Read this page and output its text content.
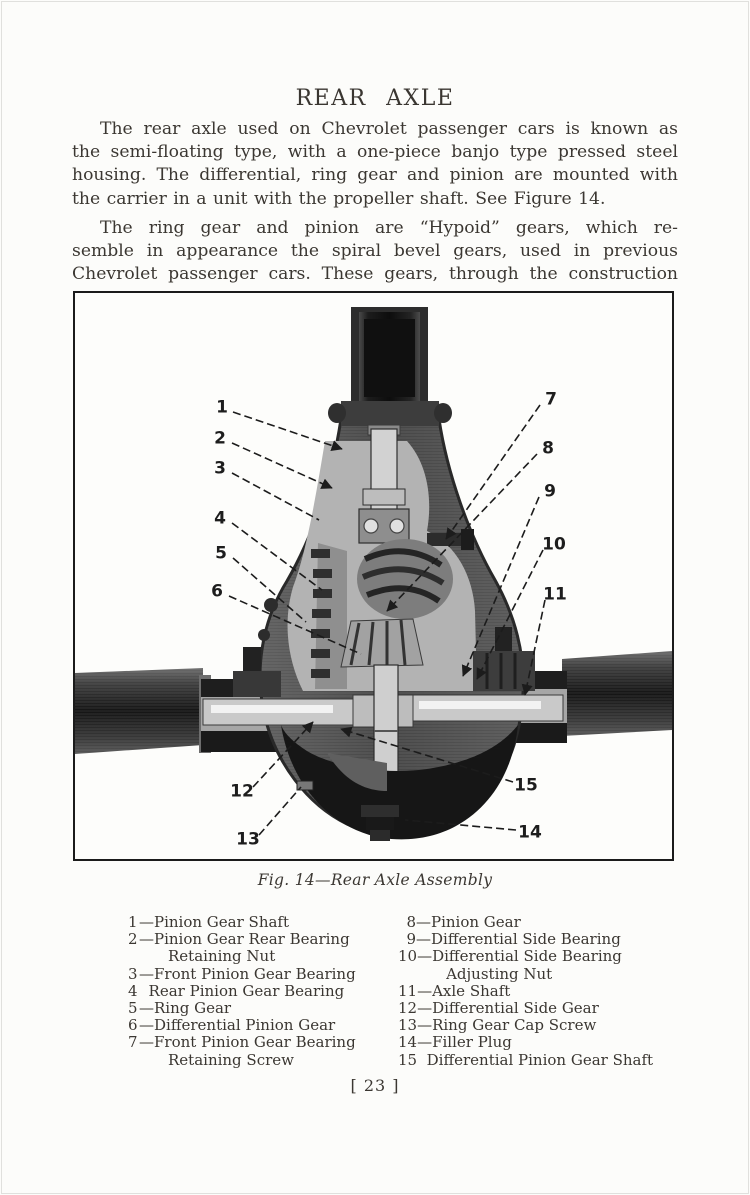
REAR AXLE
The rear axle used on Chevrolet passenger cars is known as
the semi-floating type, with a one-piece banjo type pressed steel
housing. The differential, ring gear and pinion are mounted with
the carrier in a unit with the propeller shaft. See Figure 14.
The ring gear and pinion are “Hypoid” gears, which re-
semble in appearance the spiral bevel gears, used in previous
Chevrolet passenger cars. These gears, through the construction
1
2
3
4
5
6
7
8
9
10
11
12
13	14
15
Fig. 14—Rear Axle Assembly
1 — Pinion Gear Shaft
2 — Pinion Gear Rear Bearing Retaining Nut
3 — Front Pinion Gear Bearing
4
Rear Pinion Gear Bearing
5 — Ring Gear
6 — Differential Pinion Gear
7 — Front Pinion Gear Bearing Retaining Screw
8 — Pinion Gear
9 — Differential Side Bearing
10 — Differential Side Bearing Adjusting Nut
11 — Axle Shaft
12 — Differential Side Gear
13 — Ring Gear Cap Screw
14 — Filler Plug
15
Differential Pinion Gear Shaft
[ 23 ]
